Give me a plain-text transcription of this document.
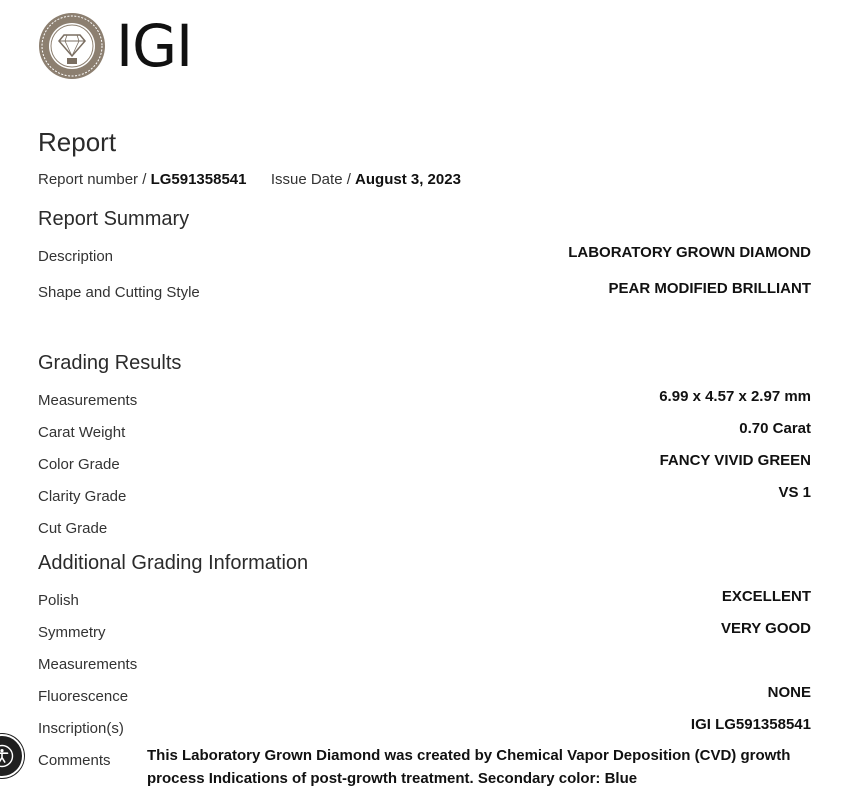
IGI
Report
Report number / LG591358541 Issue Date / August 3, 2023
Report Summary
Description	LABORATORY GROWN DIAMOND
Shape and Cutting Style	PEAR MODIFIED BRILLIANT
Grading Results
Measurements	6.99 x 4.57 x 2.97 mm
Carat Weight	0.70 Carat
Color Grade	FANCY VIVID GREEN
Clarity Grade	VS 1
Cut Grade
Additional Grading Information
Polish	EXCELLENT
Symmetry	VERY GOOD
Measurements
Fluorescence	NONE
Inscription(s)	IGI LG591358541
Comments This Laboratory Grown Diamond was created by Chemical Vapor Deposition (CVD) growth process Indications of post-growth treatment. Secondary color: Blue
